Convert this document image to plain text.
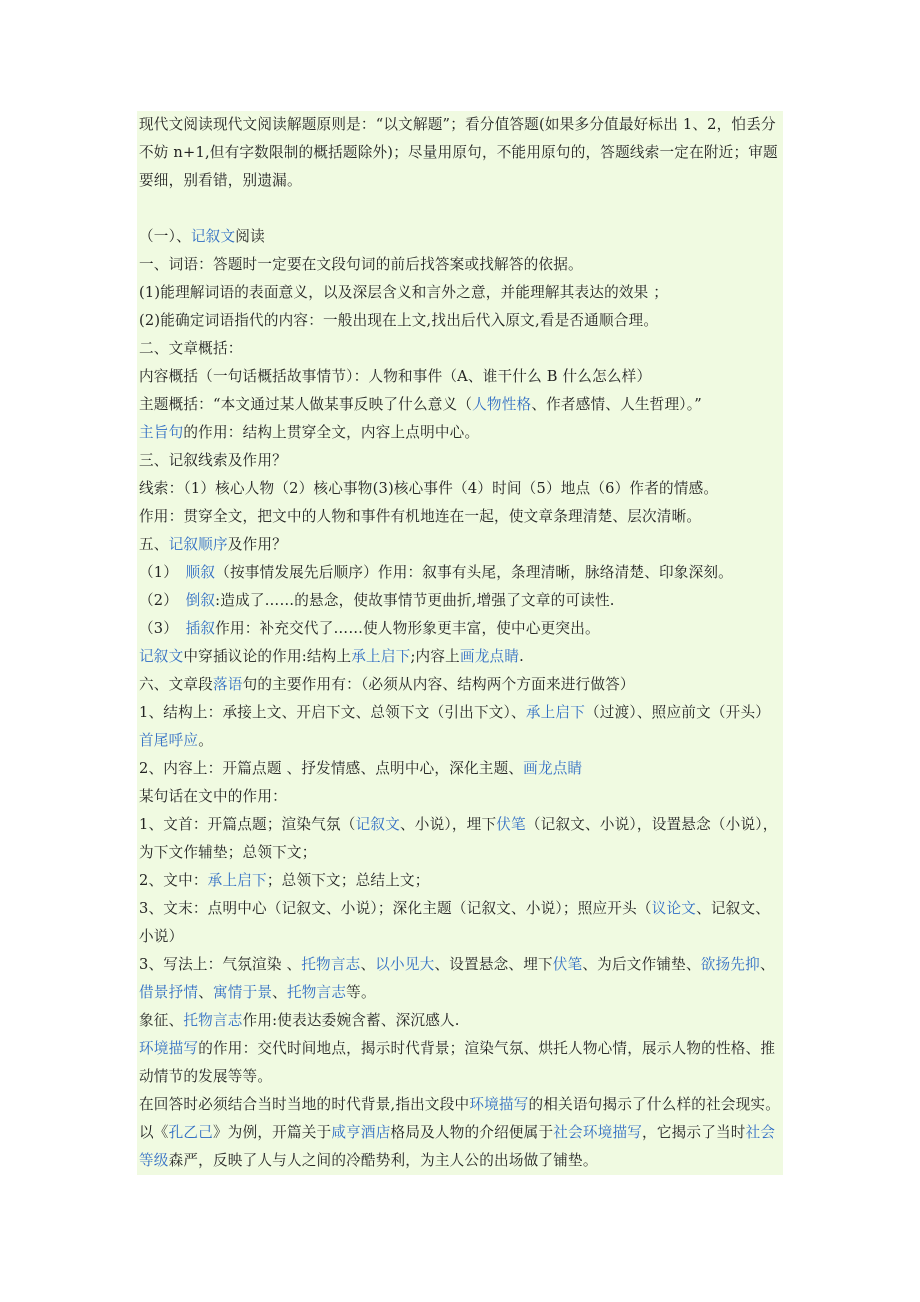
现代文阅读现代文阅读解题原则是：“以文解题”；看分值答题(如果多分值最好标出 1、2，怕丢分不妨 n+1,但有字数限制的概括题除外)；尽量用原句，不能用原句的，答题线索一定在附近；审题要细，别看错，别遗漏。
（一）、记叙文阅读
一、词语：答题时一定要在文段句词的前后找答案或找解答的依据。
(1)能理解词语的表面意义，以及深层含义和言外之意，并能理解其表达的效果 ；
(2)能确定词语指代的内容：一般出现在上文,找出后代入原文,看是否通顺合理。
二、文章概括：
内容概括（一句话概括故事情节）：人物和事件（A、谁干什么 B 什么怎么样）
主题概括：“本文通过某人做某事反映了什么意义（人物性格、作者感情、人生哲理）。”
主旨句的作用：结构上贯穿全文，内容上点明中心。
三、记叙线索及作用？
线索：（1）核心人物（2）核心事物(3)核心事件（4）时间（5）地点（6）作者的情感。
作用：贯穿全文，把文中的人物和事件有机地连在一起，使文章条理清楚、层次清晰。
五、记叙顺序及作用？
（1）　顺叙（按事情发展先后顺序）作用：叙事有头尾，条理清晰，脉络清楚、印象深刻。
（2）　倒叙:造成了……的悬念，使故事情节更曲折,增强了文章的可读性.
（3）　插叙作用：补充交代了……使人物形象更丰富，使中心更突出。
记叙文中穿插议论的作用:结构上承上启下;内容上画龙点睛.
六、文章段落语句的主要作用有：（必须从内容、结构两个方面来进行做答）
1、结构上：承接上文、开启下文、总领下文（引出下文）、承上启下（过渡）、照应前文（开头）首尾呼应。
2、内容上：开篇点题 、抒发情感、点明中心，深化主题、画龙点睛
某句话在文中的作用：
1、文首：开篇点题；渲染气氛（记叙文、小说），埋下伏笔（记叙文、小说），设置悬念（小说），为下文作辅垫；总领下文；
2、文中：承上启下；总领下文；总结上文；
3、文末：点明中心（记叙文、小说）；深化主题（记叙文、小说）；照应开头（议论文、记叙文、小说）
3、写法上：气氛渲染 、托物言志、以小见大、设置悬念、埋下伏笔、为后文作铺垫、欲扬先抑、借景抒情、寓情于景、托物言志等。
象征、托物言志作用:使表达委婉含蓄、深沉感人.
环境描写的作用：交代时间地点，揭示时代背景；渲染气氛、烘托人物心情，展示人物的性格、推动情节的发展等等。
在回答时必须结合当时当地的时代背景,指出文段中环境描写的相关语句揭示了什么样的社会现实。以《孔乙己》为例，开篇关于咸亨酒店格局及人物的介绍便属于社会环境描写，它揭示了当时社会等级森严，反映了人与人之间的冷酷势利，为主人公的出场做了铺垫。
